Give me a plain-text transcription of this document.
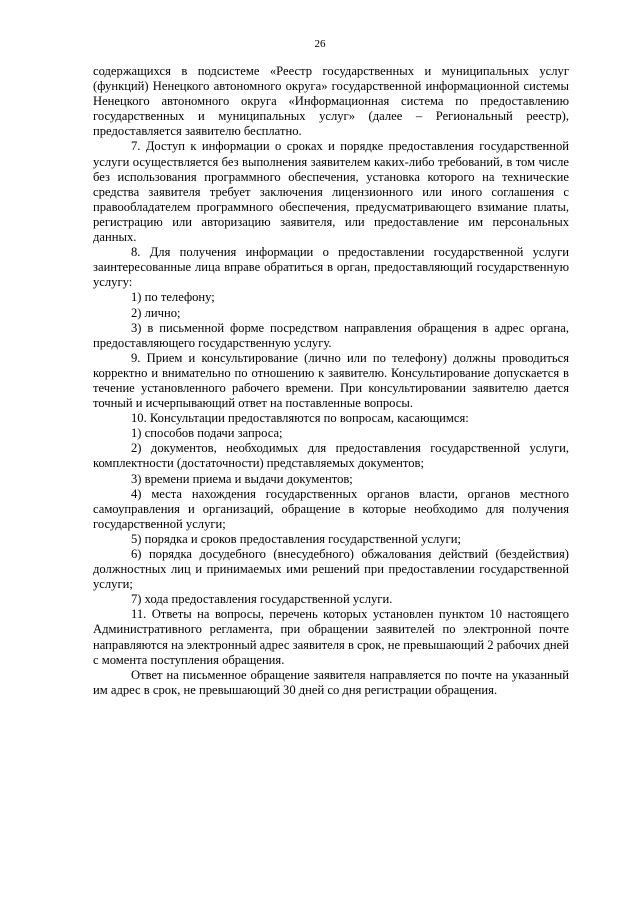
26

содержащихся в подсистеме «Реестр государственных и муниципальных услуг (функций) Ненецкого автономного округа» государственной информационной системы Ненецкого автономного округа «Информационная система по предоставлению государственных и муниципальных услуг» (далее – Региональный реестр), предоставляется заявителю бесплатно.

7. Доступ к информации о сроках и порядке предоставления государственной услуги осуществляется без выполнения заявителем каких-либо требований, в том числе без использования программного обеспечения, установка которого на технические средства заявителя требует заключения лицензионного или иного соглашения с правообладателем программного обеспечения, предусматривающего взимание платы, регистрацию или авторизацию заявителя, или предоставление им персональных данных.

8. Для получения информации о предоставлении государственной услуги заинтересованные лица вправе обратиться в орган, предоставляющий государственную услугу:

1) по телефону;

2) лично;

3) в письменной форме посредством направления обращения в адрес органа, предоставляющего государственную услугу.

9. Прием и консультирование (лично или по телефону) должны проводиться корректно и внимательно по отношению к заявителю. Консультирование допускается в течение установленного рабочего времени. При консультировании заявителю дается точный и исчерпывающий ответ на поставленные вопросы.

10. Консультации предоставляются по вопросам, касающимся:

1) способов подачи запроса;

2) документов, необходимых для предоставления государственной услуги, комплектности (достаточности) представляемых документов;

3) времени приема и выдачи документов;

4) места нахождения государственных органов власти, органов местного самоуправления и организаций, обращение в которые необходимо для получения государственной услуги;

5) порядка и сроков предоставления государственной услуги;

6) порядка досудебного (внесудебного) обжалования действий (бездействия) должностных лиц и принимаемых ими решений при предоставлении государственной услуги;

7) хода предоставления государственной услуги.

11. Ответы на вопросы, перечень которых установлен пунктом 10 настоящего Административного регламента, при обращении заявителей по электронной почте направляются на электронный адрес заявителя в срок, не превышающий 2 рабочих дней с момента поступления обращения.

Ответ на письменное обращение заявителя направляется по почте на указанный им адрес в срок, не превышающий 30 дней со дня регистрации обращения.
